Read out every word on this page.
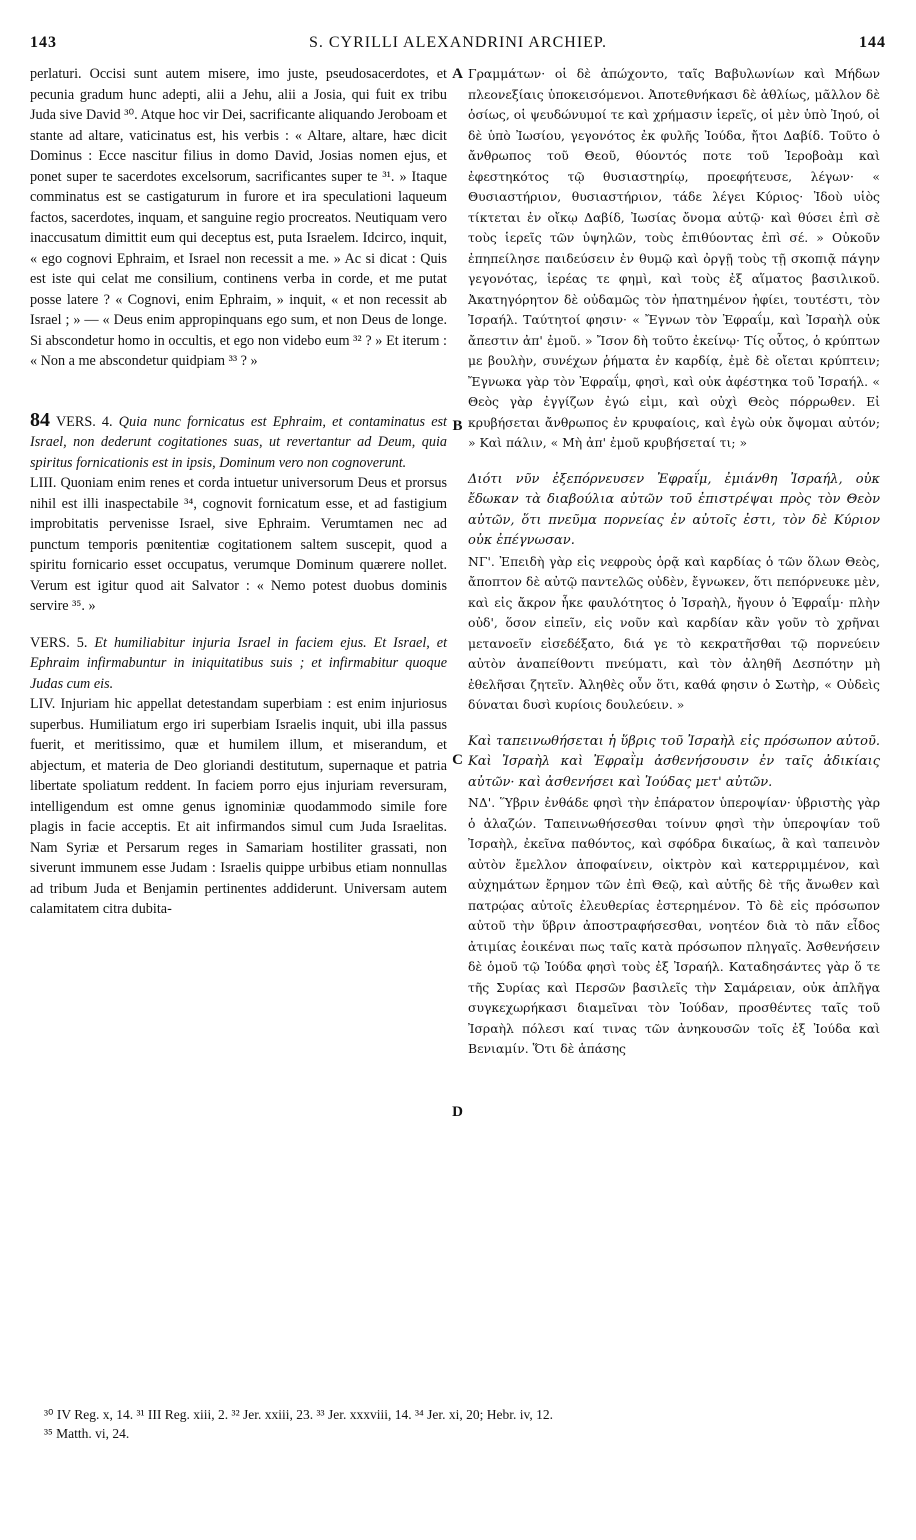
143	S. CYRILLI ALEXANDRINI ARCHIEP.	144
A
B
C
D

perlaturi. Occisi sunt autem misere, imo juste, pseudosacerdotes, et pecunia gradum hunc adepti, alii a Jehu, alii a Josia, qui fuit ex tribu Juda sive David ³⁰. Atque hoc vir Dei, sacrificante aliquando Jeroboam et stante ad altare, vaticinatus est, his verbis : « Altare, altare, hæc dicit Dominus : Ecce nascitur filius in domo David, Josias nomen ejus, et ponet super te sacerdotes excelsorum, sacrificantes super te ³¹. » Itaque comminatus est se castigaturum in furore et ira speculationi laqueum factos, sacerdotes, inquam, et sanguine regio procreatos. Neutiquam vero inaccusatum dimittit eum qui deceptus est, puta Israelem. Idcirco, inquit, « ego cognovi Ephraim, et Israel non recessit a me. » Ac si dicat : Quis est iste qui celat me consilium, continens verba in corde, et me putat posse latere ? « Cognovi, enim Ephraim, » inquit, « et non recessit ab Israel ; » — « Deus enim appropinquans ego sum, et non Deus de longe. Si abscondetur homo in occultis, et ego non videbo eum ³² ? » Et iterum : « Non a me abscondetur quidpiam ³³ ? »

84 VERS. 4. Quia nunc fornicatus est Ephraim, et contaminatus est Israel, non dederunt cogitationes suas, ut revertantur ad Deum, quia spiritus fornicationis est in ipsis, Dominum vero non cognoverunt.

LIII. Quoniam enim renes et corda intuetur universorum Deus et prorsus nihil est illi inaspectabile ³⁴, cognovit fornicatum esse, et ad fastigium improbitatis pervenisse Israel, sive Ephraim. Verumtamen nec ad punctum temporis pœnitentiæ cogitationem saltem suscepit, quod a spiritu fornicario esset occupatus, verumque Dominum quærere nollet. Verum est igitur quod ait Salvator : « Nemo potest duobus dominis servire ³⁵. »

VERS. 5. Et humiliabitur injuria Israel in faciem ejus. Et Israel, et Ephraim infirmabuntur in iniquitatibus suis ; et infirmabitur quoque Judas cum eis.

LIV. Injuriam hic appellat detestandam superbiam : est enim injuriosus superbus. Humiliatum ergo iri superbiam Israelis inquit, ubi illa passus fuerit, et meritissimo, quæ et humilem illum, et miserandum, et abjectum, et materia de Deo gloriandi destitutum, supernaque et patria libertate spoliatum reddent. In faciem porro ejus injuriam reversuram, intelligendum est omne genus ignominiæ quodammodo simile fore plagis in facie acceptis. Et ait infirmandos simul cum Juda Israelitas. Nam Syriæ et Persarum reges in Samariam hostiliter grassati, non siverunt immunem esse Judam : Israelis quippe urbibus etiam nonnullas ad tribum Juda et Benjamin pertinentes addiderunt. Universam autem calamitatem citra dubita-

Γραμμάτων· οἱ δὲ ἀπώχοντο, ταῖς Βαβυλωνίων καὶ Μήδων πλεονεξίαις ὑποκεισόμενοι. Ἀποτεθνήκασι δὲ ἀθλίως, μᾶλλον δὲ ὁσίως, οἱ ψευδώνυμοί τε καὶ χρήμασιν ἱερεῖς, οἱ μὲν ὑπὸ Ἰηού, οἱ δὲ ὑπὸ Ἰωσίου, γεγονότος ἐκ φυλῆς Ἰούδα, ἤτοι Δαβίδ. Τοῦτο ὁ ἄνθρωπος τοῦ Θεοῦ, θύοντός ποτε τοῦ Ἱεροβοὰμ καὶ ἐφεστηκότος τῷ θυσιαστηρίῳ, προεφήτευσε, λέγων· « Θυσιαστήριον, θυσιαστήριον, τάδε λέγει Κύριος· Ἰδοὺ υἱὸς τίκτεται ἐν οἴκῳ Δαβίδ, Ἰωσίας ὄνομα αὐτῷ· καὶ θύσει ἐπὶ σὲ τοὺς ἱερεῖς τῶν ὑψηλῶν, τοὺς ἐπιθύοντας ἐπὶ σέ. » Οὐκοῦν ἐπηπείλησε παιδεύσειν ἐν θυμῷ καὶ ὀργῇ τοὺς τῇ σκοπιᾷ πάγην γεγονότας, ἱερέας τε φημὶ, καὶ τοὺς ἐξ αἵματος βασιλικοῦ. Ἀκατηγόρητον δὲ οὐδαμῶς τὸν ἠπατημένον ἠφίει, τουτέστι, τὸν Ἰσραήλ. Ταύτητοί φησιν· « Ἔγνων τὸν Ἐφραΐμ, καὶ Ἰσραὴλ οὐκ ἄπεστιν ἀπ' ἐμοῦ. » Ἴσον δὴ τοῦτο ἐκείνῳ· Τίς οὗτος, ὁ κρύπτων με βουλὴν, συνέχων ῥήματα ἐν καρδίᾳ, ἐμὲ δὲ οἴεται κρύπτειν; Ἔγνωκα γὰρ τὸν Ἐφραΐμ, φησὶ, καὶ οὐκ ἀφέστηκα τοῦ Ἰσραήλ. « Θεὸς γὰρ ἐγγίζων ἐγώ εἰμι, καὶ οὐχὶ Θεὸς πόρρωθεν. Εἰ κρυβήσεται ἄνθρωπος ἐν κρυφαίοις, καὶ ἐγὼ οὐκ ὄψομαι αὐτόν; » Καὶ πάλιν, « Μὴ ἀπ' ἐμοῦ κρυβήσεταί τι; »

Διότι νῦν ἐξεπόρνευσεν Ἐφραΐμ, ἐμιάνθη Ἰσραήλ, οὐκ ἔδωκαν τὰ διαβούλια αὐτῶν τοῦ ἐπιστρέψαι πρὸς τὸν Θεὸν αὐτῶν, ὅτι πνεῦμα πορνείας ἐν αὐτοῖς ἐστι, τὸν δὲ Κύριον οὐκ ἐπέγνωσαν.

ΝΓ'. Ἐπειδὴ γὰρ εἰς νεφροὺς ὁρᾷ καὶ καρδίας ὁ τῶν ὅλων Θεὸς, ἄποπτον δὲ αὐτῷ παντελῶς οὐδὲν, ἔγνωκεν, ὅτι πεπόρνευκε μὲν, καὶ εἰς ἄκρον ἧκε φαυλότητος ὁ Ἰσραὴλ, ἤγουν ὁ Ἐφραΐμ· πλὴν οὐδ', ὅσον εἰπεῖν, εἰς νοῦν καὶ καρδίαν κἂν γοῦν τὸ χρῆναι μετανοεῖν εἰσεδέξατο, διά γε τὸ κεκρατῆσθαι τῷ πορνεύειν αὐτὸν ἀναπείθοντι πνεύματι, καὶ τὸν ἀληθῆ Δεσπότην μὴ ἐθελῆσαι ζητεῖν. Ἀληθὲς οὖν ὅτι, καθά φησιν ὁ Σωτὴρ, « Οὐδεὶς δύναται δυσὶ κυρίοις δουλεύειν. »

Καὶ ταπεινωθήσεται ἡ ὕβρις τοῦ Ἰσραὴλ εἰς πρόσωπον αὐτοῦ. Καὶ Ἰσραὴλ καὶ Ἐφραῒμ ἀσθενήσουσιν ἐν ταῖς ἀδικίαις αὐτῶν· καὶ ἀσθενήσει καὶ Ἰούδας μετ' αὐτῶν.

ΝΔ'. Ὕβριν ἐνθάδε φησὶ τὴν ἐπάρατον ὑπεροψίαν· ὑβριστὴς γὰρ ὁ ἀλαζών. Ταπεινωθήσεσθαι τοίνυν φησὶ τὴν ὑπεροψίαν τοῦ Ἰσραὴλ, ἐκεῖνα παθόντος, καὶ σφόδρα δικαίως, ἃ καὶ ταπεινὸν αὐτὸν ἔμελλον ἀποφαίνειν, οἰκτρὸν καὶ κατερριμμένον, καὶ αὐχημάτων ἔρημον τῶν ἐπὶ Θεῷ, καὶ αὐτῆς δὲ τῆς ἄνωθεν καὶ πατρῴας αὐτοῖς ἐλευθερίας ἐστερημένον. Τὸ δὲ εἰς πρόσωπον αὐτοῦ τὴν ὕβριν ἀποστραφήσεσθαι, νοητέον διὰ τὸ πᾶν εἶδος ἀτιμίας ἐοικέναι πως ταῖς κατὰ πρόσωπον πληγαῖς. Ἀσθενήσειν δὲ ὁμοῦ τῷ Ἰούδα φησὶ τοὺς ἐξ Ἰσραήλ. Καταδησάντες γὰρ ὅ τε τῆς Συρίας καὶ Περσῶν βασιλεῖς τὴν Σαμάρειαν, οὐκ ἀπλῆγα συγκεχωρήκασι διαμεῖναι τὸν Ἰούδαν, προσθέντες ταῖς τοῦ Ἰσραὴλ πόλεσι καί τινας τῶν ἀνηκουσῶν τοῖς ἐξ Ἰούδα καὶ Βενιαμίν. Ὅτι δὲ ἁπάσης

³⁰ IV Reg. x, 14. ³¹ III Reg. xiii, 2. ³² Jer. xxiii, 23. ³³ Jer. xxxviii, 14. ³⁴ Jer. xi, 20; Hebr. iv, 12.
³⁵ Matth. vi, 24.
